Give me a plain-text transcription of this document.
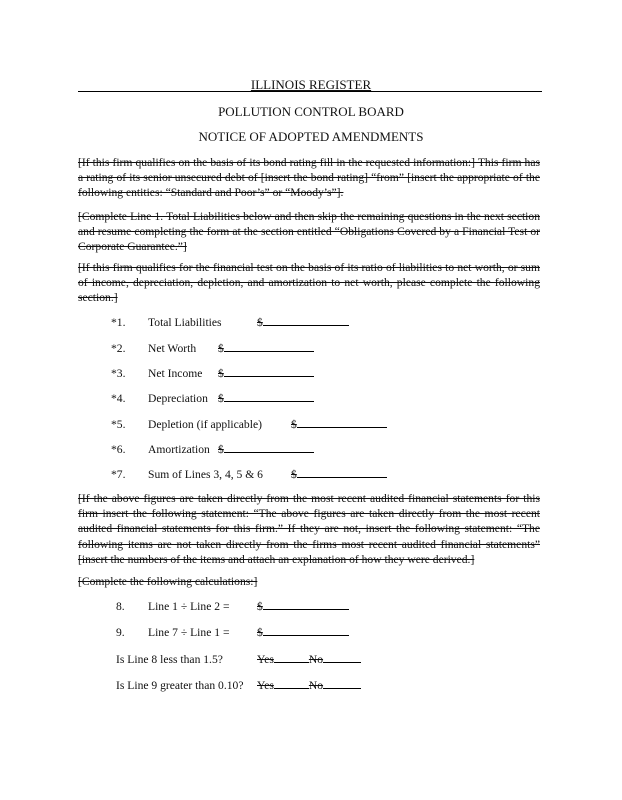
ILLINOIS REGISTER
POLLUTION CONTROL BOARD
NOTICE OF ADOPTED AMENDMENTS
[If this firm qualifies on the basis of its bond rating fill in the requested information:] This firm has a rating of its senior unsecured debt of [insert the bond rating] “from” [insert the appropriate of the following entities: “Standard and Poor’s” or “Moody’s”].
[Complete Line 1. Total Liabilities below and then skip the remaining questions in the next section and resume completing the form at the section entitled “Obligations Covered by a Financial Test or Corporate Guarantee.”]
[If this firm qualifies for the financial test on the basis of its ratio of liabilities to net worth, or sum of income, depreciation, depletion, and amortization to net worth, please complete the following section.]
*1. Total Liabilities	$
*2. Net Worth $
*3. Net Income $
*4. Depreciation $
*5. Depletion (if applicable)	$
*6. Amortization $
*7. Sum of Lines 3, 4, 5 & 6 $
[If the above figures are taken directly from the most recent audited financial statements for this firm insert the following statement: “The above figures are taken directly from the most recent audited financial statements for this firm.” If they are not, insert the following statement: “The following items are not taken directly from the firms most recent audited financial statements” [insert the numbers of the items and attach an explanation of how they were derived.]
[Complete the following calculations:]
8. Line 1 ÷ Line 2 = $
9. Line 7 ÷ Line 1 = $
Is Line 8 less than 1.5?	Yes	No
Is Line 9 greater than 0.10? Yes	No
